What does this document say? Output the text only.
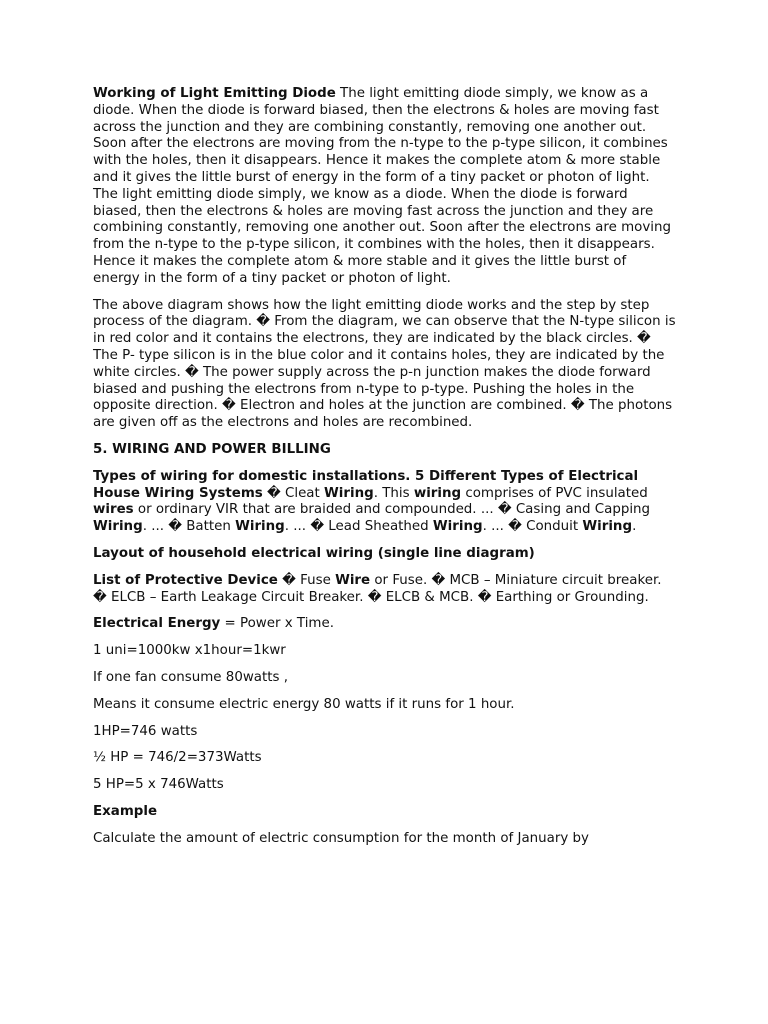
Working of Light Emitting Diode The light emitting diode simply, we know as a diode. When the diode is forward biased, then the electrons & holes are moving fast across the junction and they are combining constantly, removing one another out. Soon after the electrons are moving from the n-type to the p-type silicon, it combines with the holes, then it disappears. Hence it makes the complete atom & more stable and it gives the little burst of energy in the form of a tiny packet or photon of light. The light emitting diode simply, we know as a diode. When the diode is forward biased, then the electrons & holes are moving fast across the junction and they are combining constantly, removing one another out. Soon after the electrons are moving from the n-type to the p-type silicon, it combines with the holes, then it disappears. Hence it makes the complete atom & more stable and it gives the little burst of energy in the form of a tiny packet or photon of light.

The above diagram shows how the light emitting diode works and the step by step process of the diagram. � From the diagram, we can observe that the N-type silicon is in red color and it contains the electrons, they are indicated by the black circles. � The P- type silicon is in the blue color and it contains holes, they are indicated by the white circles. � The power supply across the p-n junction makes the diode forward biased and pushing the electrons from n-type to p-type. Pushing the holes in the opposite direction. � Electron and holes at the junction are combined. � The photons are given off as the electrons and holes are recombined.

5. WIRING AND POWER BILLING

Types of wiring for domestic installations. 5 Different Types of Electrical House Wiring Systems � Cleat Wiring. This wiring comprises of PVC insulated wires or ordinary VIR that are braided and compounded. ... � Casing and Capping Wiring. ... � Batten Wiring. ... � Lead Sheathed Wiring. ... � Conduit Wiring.

Layout of household electrical wiring (single line diagram)

List of Protective Device � Fuse Wire or Fuse. � MCB – Miniature circuit breaker. � ELCB – Earth Leakage Circuit Breaker. � ELCB & MCB. � Earthing or Grounding.

Electrical Energy = Power x Time.

1 uni=1000kw x1hour=1kwr

If one fan consume 80watts ,

Means it consume electric energy 80 watts if it runs for 1 hour.

1HP=746 watts

½ HP = 746/2=373Watts

5 HP=5 x 746Watts

Example

Calculate the amount of electric consumption for the month of January by
